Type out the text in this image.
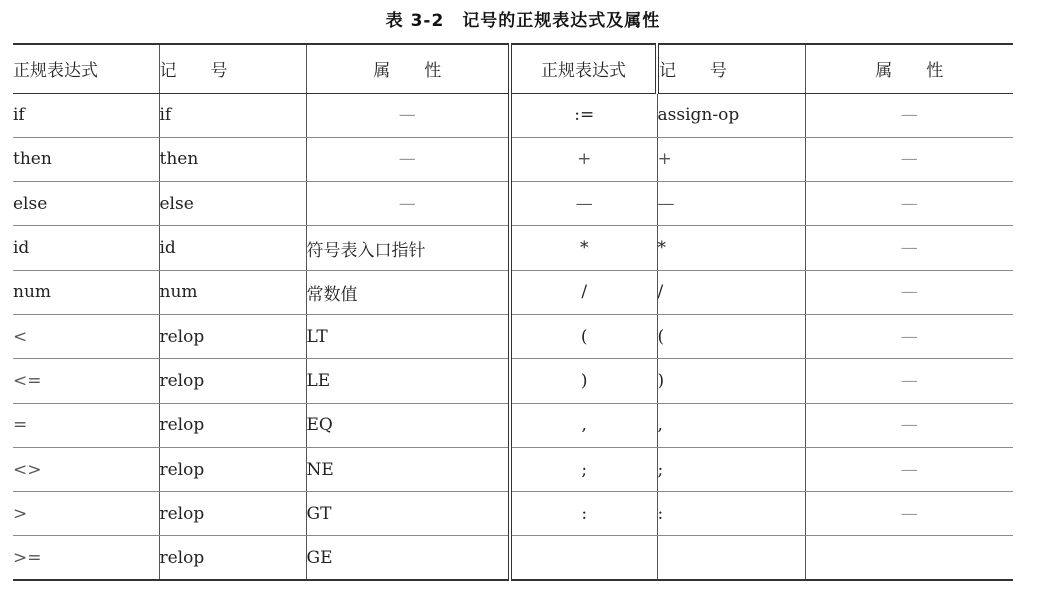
表 3-2 记号的正规表达式及属性
正规表达式	记　　号	属　　性	正规表达式	记　　号	属　　性
if	if	—	:=	assign-op	—
then	then	—	+	+	—
else	else	—	—	—	—
id	id	符号表入口指针	*	*	—
num	num	常数值	/	/	—
<	relop	LT	(	(	—
<=	relop	LE	)	)	—
=	relop	EQ	,	,	—
<>	relop	NE	;	;	—
>	relop	GT	:	:	—
>=	relop	GE			
